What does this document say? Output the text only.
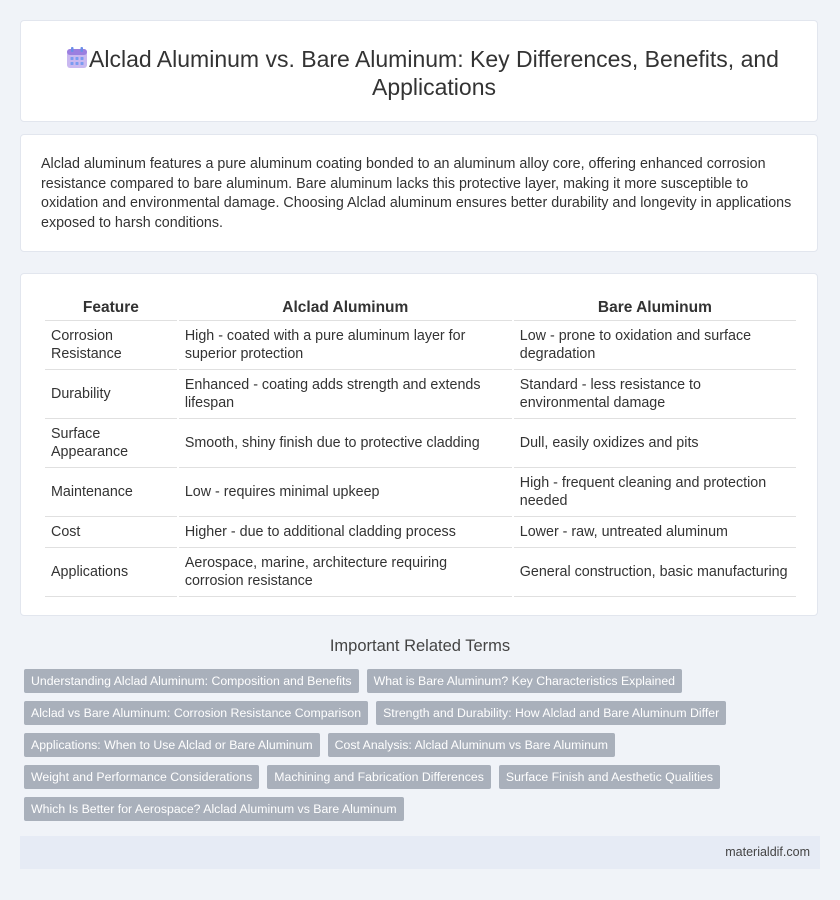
Alclad Aluminum vs. Bare Aluminum: Key Differences, Benefits, and Applications

Alclad aluminum features a pure aluminum coating bonded to an aluminum alloy core, offering enhanced corrosion resistance compared to bare aluminum. Bare aluminum lacks this protective layer, making it more susceptible to oxidation and environmental damage. Choosing Alclad aluminum ensures better durability and longevity in applications exposed to harsh conditions.

Feature	Alclad Aluminum	Bare Aluminum
Corrosion Resistance	High - coated with a pure aluminum layer for superior protection	Low - prone to oxidation and surface degradation
Durability	Enhanced - coating adds strength and extends lifespan	Standard - less resistance to environmental damage
Surface Appearance	Smooth, shiny finish due to protective cladding	Dull, easily oxidizes and pits
Maintenance	Low - requires minimal upkeep	High - frequent cleaning and protection needed
Cost	Higher - due to additional cladding process	Lower - raw, untreated aluminum
Applications	Aerospace, marine, architecture requiring corrosion resistance	General construction, basic manufacturing
Important Related Terms
Understanding Alclad Aluminum: Composition and Benefits	What is Bare Aluminum? Key Characteristics Explained
Alclad vs Bare Aluminum: Corrosion Resistance Comparison	Strength and Durability: How Alclad and Bare Aluminum Differ
Applications: When to Use Alclad or Bare Aluminum	Cost Analysis: Alclad Aluminum vs Bare Aluminum
Weight and Performance Considerations	Machining and Fabrication Differences	Surface Finish and Aesthetic Qualities
Which Is Better for Aerospace? Alclad Aluminum vs Bare Aluminum
materialdif.com
